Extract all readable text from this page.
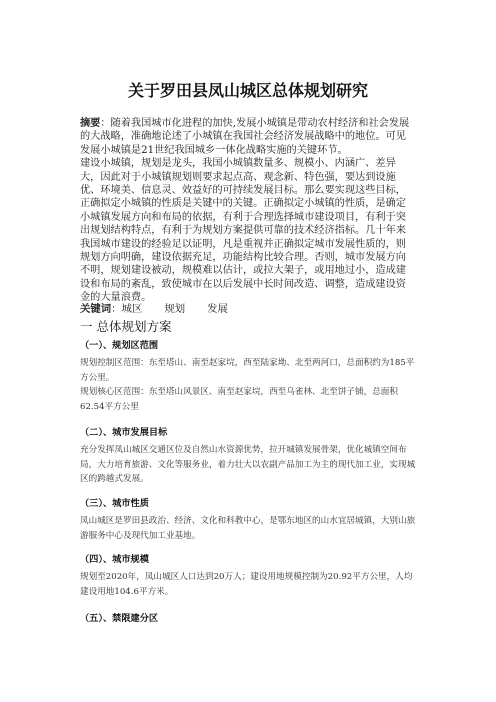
关于罗田县凤山城区总体规划研究

摘要：随着我国城市化进程的加快,发展小城镇是带动农村经济和社会发展的大战略，准确地论述了小城镇在我国社会经济发展战略中的地位。可见发展小城镇是21世纪我国城乡一体化战略实施的关键环节。

建设小城镇，规划是龙头，我国小城镇数量多、规模小、内涵广、差异大，因此对于小城镇规划则要求起点高、观念新、特色强，要达到设施优、环境美、信息灵、效益好的可持续发展目标。那么要实现这些目标，正确拟定小城镇的性质是关键中的关键。正确拟定小城镇的性质，是确定小城镇发展方向和布局的依据，有利于合理选择城市建设项目，有利于突出规划结构特点，有利于为规划方案提供可靠的技术经济指标。几十年来我国城市建设的经验足以证明，凡是重视并正确拟定城市发展性质的，则规划方向明确，建设依据充足，功能结构比较合理。否则，城市发展方向不明，规划建设被动，规模难以估计，或拉大架子，或用地过小，造成建设和布局的紊乱，致使城市在以后发展中长时间改造、调整，造成建设资金的大量浪费。

关键词：城区 规划 发展
一 总体规划方案
（一）、规划区范围

规划控制区范围：东至塔山、南至赵家垸，西至陆家坳、北至两河口，总面积约为185平方公里。

规划核心区范围：东至塔山风景区、南至赵家垸，西至乌雀林、北至饼子铺，总面积62.54平方公里

（二）、城市发展目标

充分发挥凤山城区交通区位及自然山水资源优势，拉开城镇发展骨架，优化城镇空间布局，大力培育旅游、文化等服务业，着力壮大以农副产品加工为主的现代加工业，实现城区的跨越式发展。

（三）、城市性质

凤山城区是罗田县政治、经济、文化和科教中心，是鄂东地区的山水宜居城镇，大别山旅游服务中心及现代加工业基地。

（四）、城市规模

规划至2020年，凤山城区人口达到20万人；建设用地规模控制为20.92平方公里，人均建设用地104.6平方米。

（五）、禁限建分区
